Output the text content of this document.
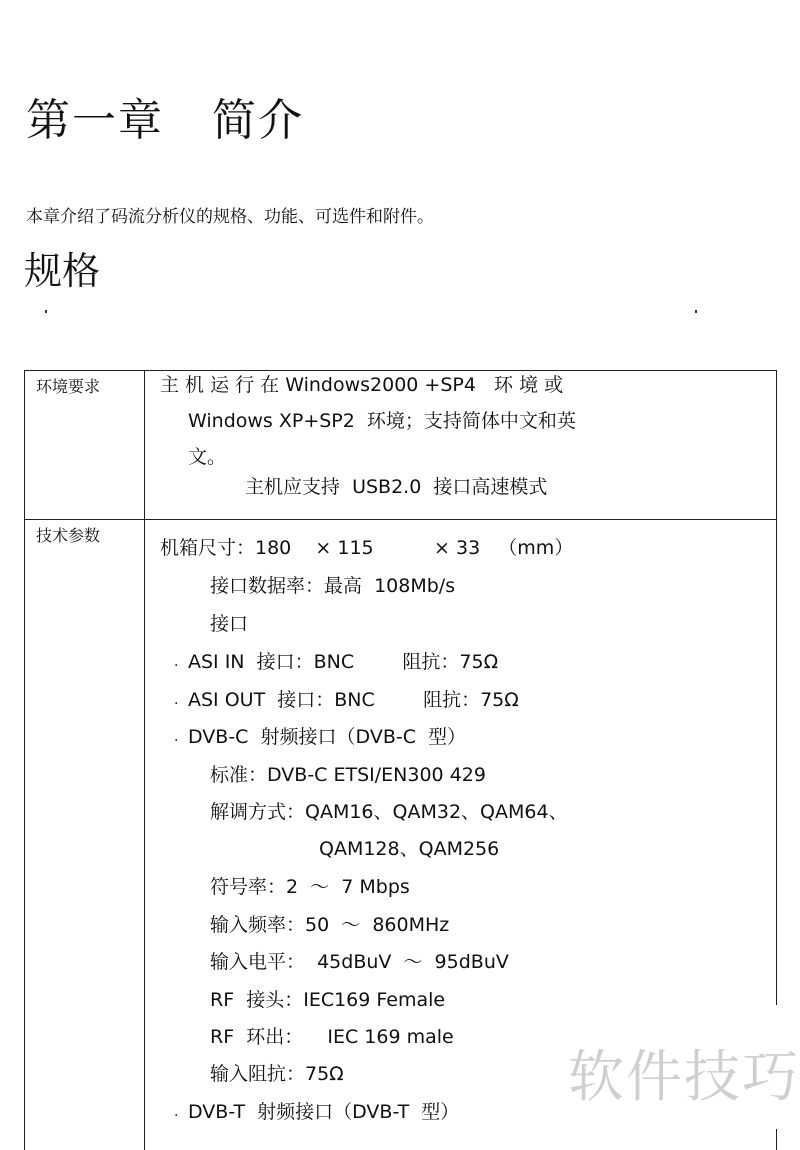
第一章   简介

本章介绍了码流分析仪的规格、功能、可选件和附件。

规格

环境要求	主 机 运 行 在 Windows2000 +SP4   环 境 或

Windows XP+SP2  环境；支持简体中文和英

文。

主机应支持  USB2.0  接口高速模式

技术参数

机箱尺寸：180    × 115          × 33   （mm）

接口数据率：最高  108Mb/s

接口

. ASI IN  接口：BNC        阻抗：75Ω

. ASI OUT  接口：BNC        阻抗：75Ω

. DVB-C  射频接口（DVB-C  型）

标准：DVB-C ETSI/EN300 429

解调方式：QAM16、QAM32、QAM64、

QAM128、QAM256

符号率：2  ～  7 Mbps

输入频率：50  ～  860MHz

输入电平：  45dBuV  ～  95dBuV

RF  接头：IEC169 Female

RF  环出：    IEC 169 male

输入阻抗：75Ω

. DVB-T  射频接口（DVB-T  型）

软件技巧
